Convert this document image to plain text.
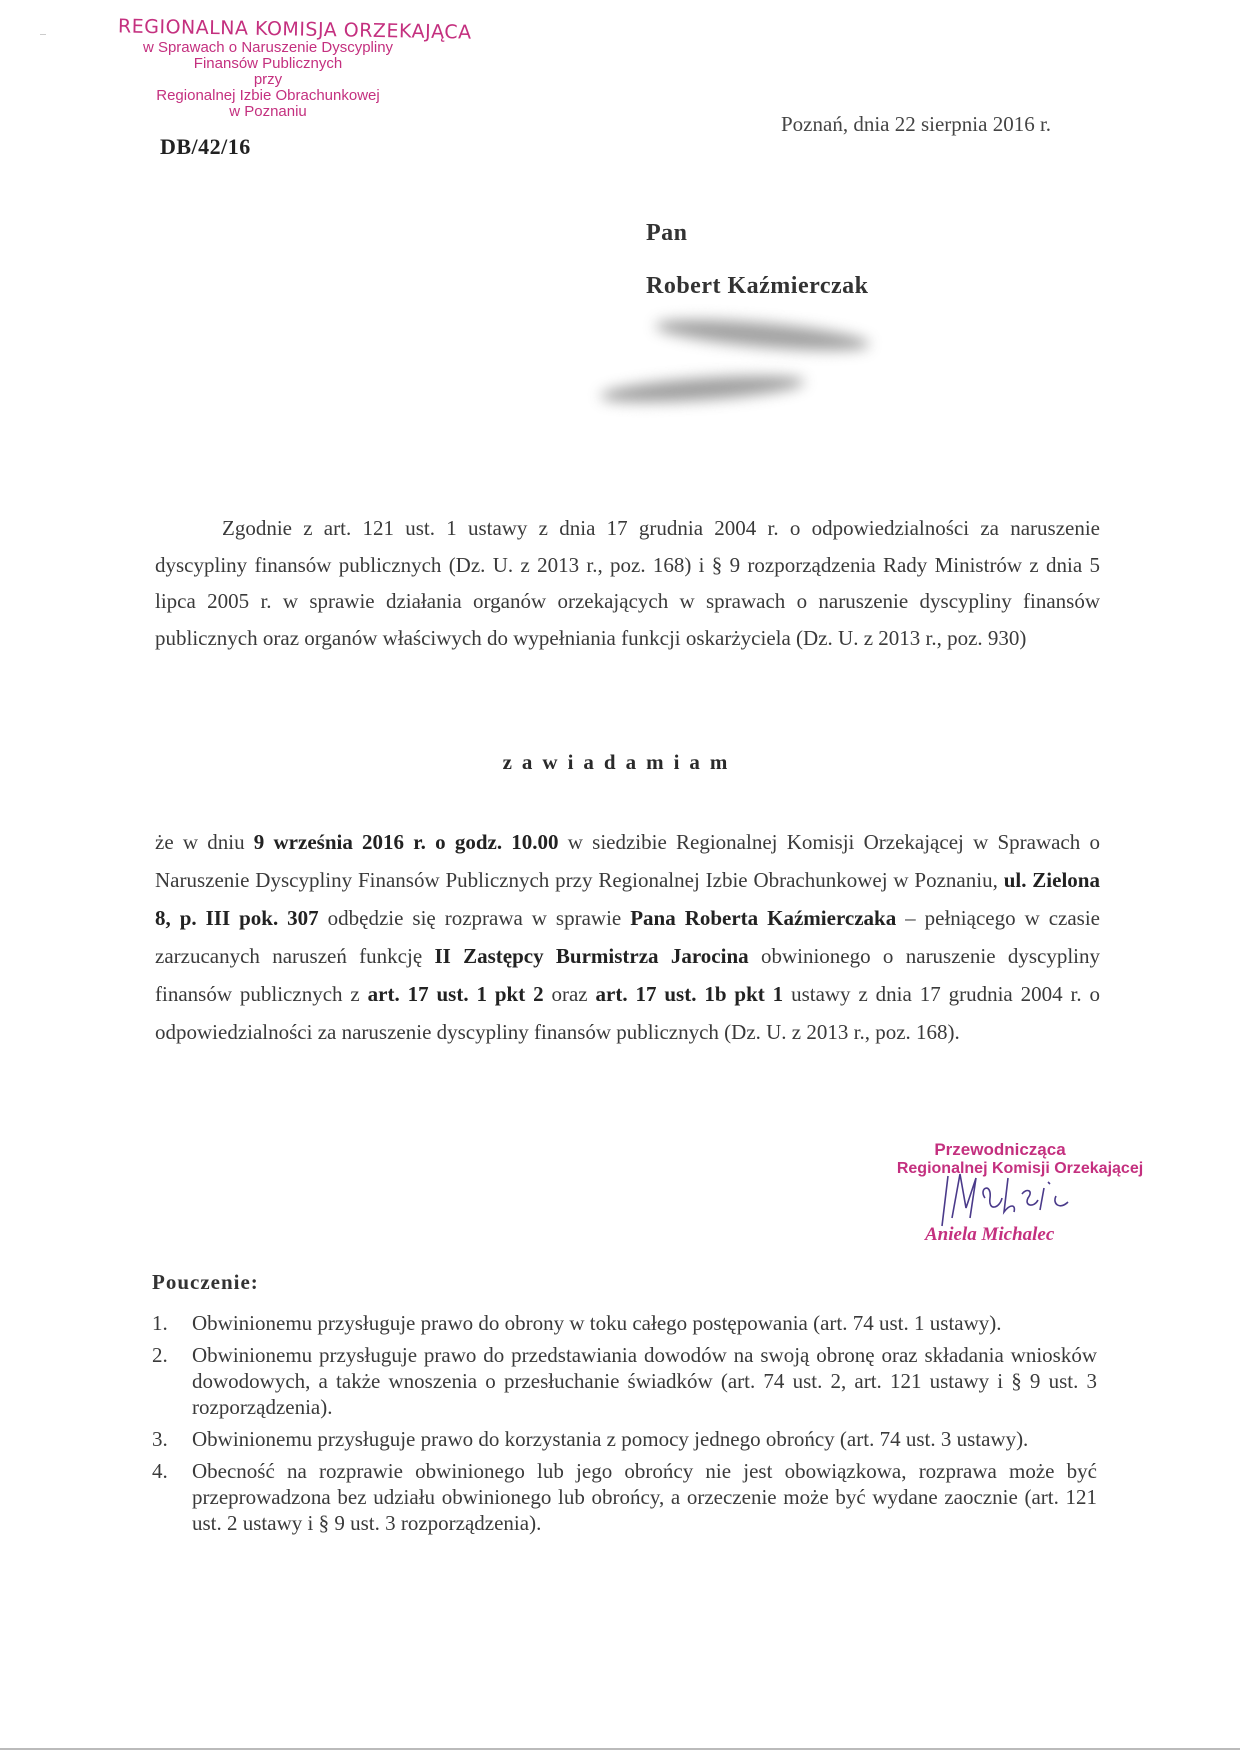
REGIONALNA KOMISJA ORZEKAJĄCA
w Sprawach o Naruszenie Dyscypliny
Finansów Publicznych
przy
Regionalnej Izbie Obrachunkowej
w Poznaniu
DB/42/16
Poznań, dnia 22 sierpnia 2016 r.
Pan
Robert Kaźmierczak
Zgodnie z art. 121 ust. 1 ustawy z dnia 17 grudnia 2004 r. o odpowiedzialności za naruszenie dyscypliny finansów publicznych (Dz. U. z 2013 r., poz. 168) i § 9 rozporządzenia Rady Ministrów z dnia 5 lipca 2005 r. w sprawie działania organów orzekających w sprawach o naruszenie dyscypliny finansów publicznych oraz organów właściwych do wypełniania funkcji oskarżyciela (Dz. U. z 2013 r., poz. 930)
zawiadamiam
że w dniu 9 września 2016 r. o godz. 10.00 w siedzibie Regionalnej Komisji Orzekającej w Sprawach o Naruszenie Dyscypliny Finansów Publicznych przy Regionalnej Izbie Obrachunkowej w Poznaniu, ul. Zielona 8, p. III pok. 307 odbędzie się rozprawa w sprawie Pana Roberta Kaźmierczaka – pełniącego w czasie zarzucanych naruszeń funkcję II Zastępcy Burmistrza Jarocina obwinionego o naruszenie dyscypliny finansów publicznych z art. 17 ust. 1 pkt 2 oraz art. 17 ust. 1b pkt 1 ustawy z dnia 17 grudnia 2004 r. o odpowiedzialności za naruszenie dyscypliny finansów publicznych (Dz. U. z 2013 r., poz. 168).
Przewodnicząca
Regionalnej Komisji Orzekającej
Aniela Michalec
Pouczenie:
1. Obwinionemu przysługuje prawo do obrony w toku całego postępowania (art. 74 ust. 1 ustawy).
2. Obwinionemu przysługuje prawo do przedstawiania dowodów na swoją obronę oraz składania wniosków dowodowych, a także wnoszenia o przesłuchanie świadków (art. 74 ust. 2, art. 121 ustawy i § 9 ust. 3 rozporządzenia).
3. Obwinionemu przysługuje prawo do korzystania z pomocy jednego obrońcy (art. 74 ust. 3 ustawy).
4. Obecność na rozprawie obwinionego lub jego obrońcy nie jest obowiązkowa, rozprawa może być przeprowadzona bez udziału obwinionego lub obrońcy, a orzeczenie może być wydane zaocznie (art. 121 ust. 2 ustawy i § 9 ust. 3 rozporządzenia).
